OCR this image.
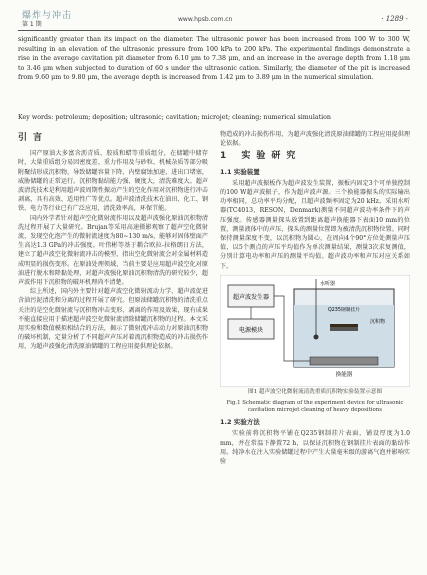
爆炸与冲击
第 1 期
www.hpsb.com.cn	· 1289 ·
significantly greater than its impact on the diameter. The ultrasonic power has been increased from 100 W to 300 W, resulting in an elevation of the ultrasonic pressure from 100 kPa to 200 kPa. The experimental findings demonstrate a rise in the average cavitation pit diameter from 6.10 μm to 7.38 μm, and an increase in the average depth from 1.18 μm to 3.46 μm when subjected to duration of 60 s under the ultrasonic cation. Similarly, the diameter of the pit is increased from 9.60 μm to 9.80 μm, the average depth is increased from 1.42 μm to 3.89 μm in the numerical simulation.
Key words: petroleum; deposition; ultrasonic; cavitation; microjet; cleaning; numerical simulation
引言

国产原油大多富含沥青质、胶质和蜡等重质组分，在储罐中储存时，大量重质组分易因密度差、重力作用及与砂粒、机械杂质等部分吸附聚结形成沉积物，导致储罐容量下降、内壁腐蚀加速、进出口堵塞，威胁储罐的正常运行。沉积物黏结能力强、硬度大，清洗难度大。超声波清洗技术是利用超声波周期性振动产生的空化作用对沉积物进行冲击剥离，具有高效、适用性广等优点。超声波清洗技术在油田、化工、钢铁、电力等行业已有广泛应用，清洗效率高，环保节能。

国内外学者针对超声空化微射流作用以及超声波强化原油沉积物清洗过程开展了大量研究。Brujan等采用高速摄影观察了超声空化微射流，发现空化泡产生的微射流速度为80~130 m/s，能够对固体壁面产生高达1.3 GPa的冲击强度。叶伟彬等基于耦合欧拉-拉格朗日方法，建立了超声波空化微射流冲击的模型，指出空化微射流会对金属材料造成明显的损伤变形。在原油处理领域，当前主要是应用超声波空化对原油进行脱水和降黏处理，对超声波强化原油沉积物清洗的研究较少，超声波作用下沉积物的破坏机理尚不清楚。

综上所述，国内外主要针对超声波空化微射流动力学、超声波促进含油污泥清洗和分离的过程开展了研究。但原油储罐沉积物的清洗重点关注的是空化微射流与沉积物冲击变形、剥离的作用及效果，现有成果不能直接应用于描述超声波空化微射流清除储罐沉积物的过程。本文采用实验和数值模拟相结合的方法，揭示了微射流冲击动力对原油沉积物的破坏机制，定量分析了不同超声声压对着流沉积物造成的冲击损伤作用，为超声波强化清洗原油储罐的工程应用提供理论依据。

物造成的冲击损伤作用，为超声波强化清洗原油储罐的工程应用提供理论依据。

1 实验研究
1.1 实验装置

采用超声波振板作为超声波发生装置，振板内固定3个可单独控制的100 W超声波振子，作为超声波声源。三个换能器振头的实际输出功率相同，总功率平均分配，且超声波频率固定为20 kHz。采用水听器(TC4013，RESON，Denmark)测量不同超声波功率条件下的声压强度。传感器测量探头放置到距离超声换能器下表面10 mm的位置，测量液体中的声压，探头的测量位置即为被清洗沉积物位置。同时保持测量深度不变，以沉积物为圆心，在周向4个90°方位处测量声压值，以5个测点的声压平均值作为单次测量结果，测量3次求复测值，分别计算电功率和声压的测量平均值。超声波功率和声压对应关系如下。

超声波发生器
电源模块
换能器
沉积物
水听器
Q235钢制挂片
图1 超声波空化微射流清洗重质沉积物实验装置示意图
Fig.1 Schematic diagram of the experiment device for ultrasonic cavitation microjet cleaning of heavy depositions
1.2 实验方法

实验前将沉积物平铺在Q235钢制挂片表面，铺设厚度为1.0 mm，并在常温下静置72 h，以保证沉积物在钢制挂片表面的黏结作用。纯净水在注入实验储罐过程中产生大量毫米级的游离气泡并影响实验
